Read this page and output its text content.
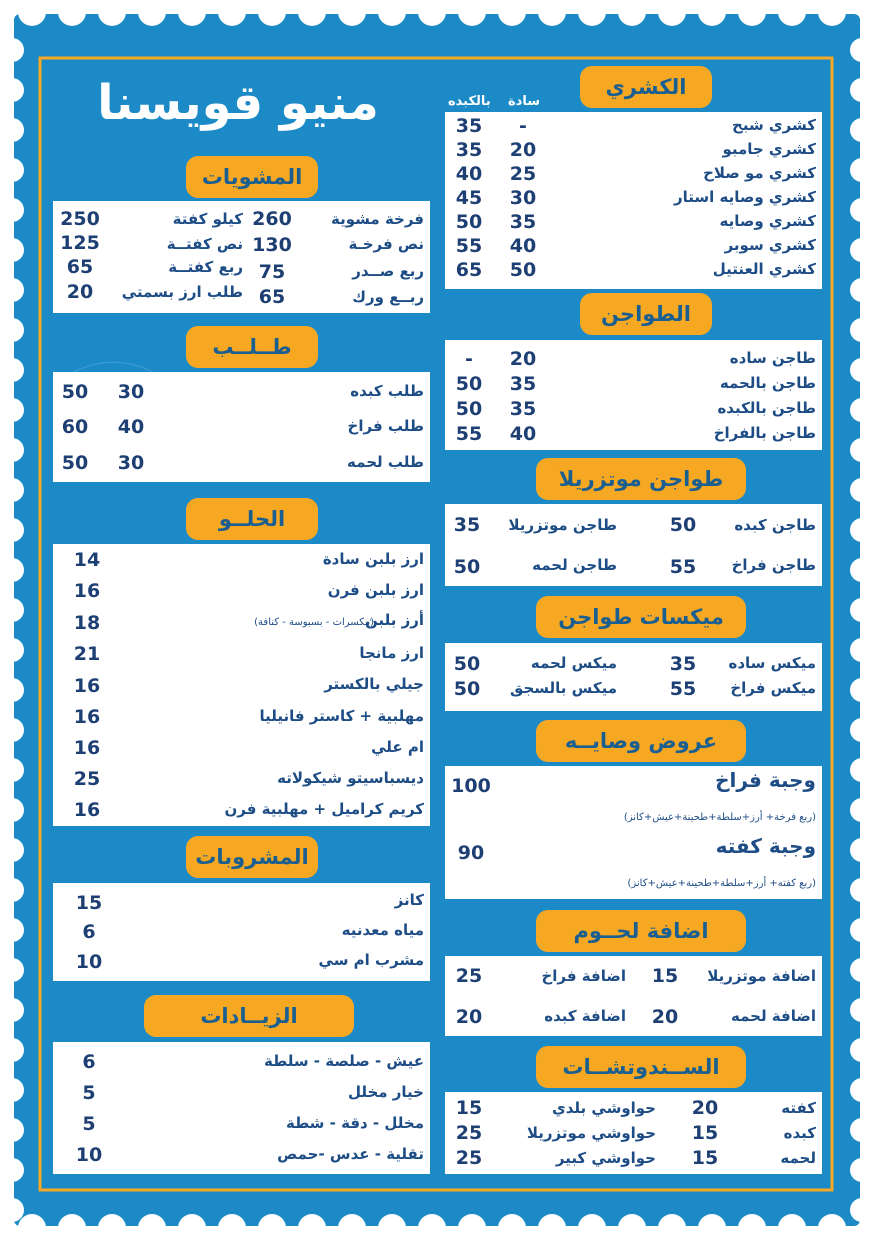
منيو قويسنا	الكشري
بالكبده سادة
كشري شبح
-
35
كشري جامبو
20
35
كشري مو صلاح
25
40
كشري وصايه استار
30
45
كشري وصايه
35
50
كشري سوبر
40
55
كشري العنتيل
50
65
الطواجن
طاجن ساده
20
-
طاجن بالحمه
35
50
طاجن بالكبده
35
50
طاجن بالفراخ
40
55
طواجن موتزريلا
طاجن كبده
50
طاجن موتزريلا
35
طاجن فراخ
55
طاجن لحمه
50
ميكسات طواجن
ميكس ساده
35
ميكس لحمه
50
ميكس فراخ
55
ميكس بالسجق
50
عروض وصايــه
وجبة فراخ
(ربع فرخة+ أرز+سلطة+طحينة+عيش+كانز)
100
وجبة كفته
(ربع كفته+ أرز+سلطة+طحينة+عيش+كانز)
90
اضافة لحــوم
اضافة موتزريلا
15
اضافة فراخ
25
اضافة لحمه
20
اضافة كبده
20
الســندوتشــات
كفته
20
حواوشي بلدي
15
كبده
15
حواوشي موتزريلا
25
لحمه
15
حواوشي كبير
25
المشويات
فرخة مشوية
260
كيلو كفتة
250
نص فرخـة
130
نص كفتــة
125
ربع صــدر
75
ربع كفتــة
65
ربــع ورك
65
طلب ارز بسمتي
20
طــلــب
طلب كبده
30
50
طلب فراخ
40
60
طلب لحمه
30
50
الحلــو
ارز بلبن سادة
14
ارز بلبن فرن
16
أرز بلبن
(مكسرات - بسبوسة - كنافة)
18
ارز مانجا
21
جيلي بالكستر
16
مهلبية + كاستر فانيليا
16
ام علي
16
ديسباسيتو شيكولاته
25
كريم كراميل + مهلبية فرن
16
المشروبات
كانز
15
مياه معدنيه
6
مشرب ام سي
10
الزيــادات
عيش - صلصة - سلطة
6
خيار مخلل
5
مخلل - دقة - شطة
5
تقلية - عدس -حمص
10
